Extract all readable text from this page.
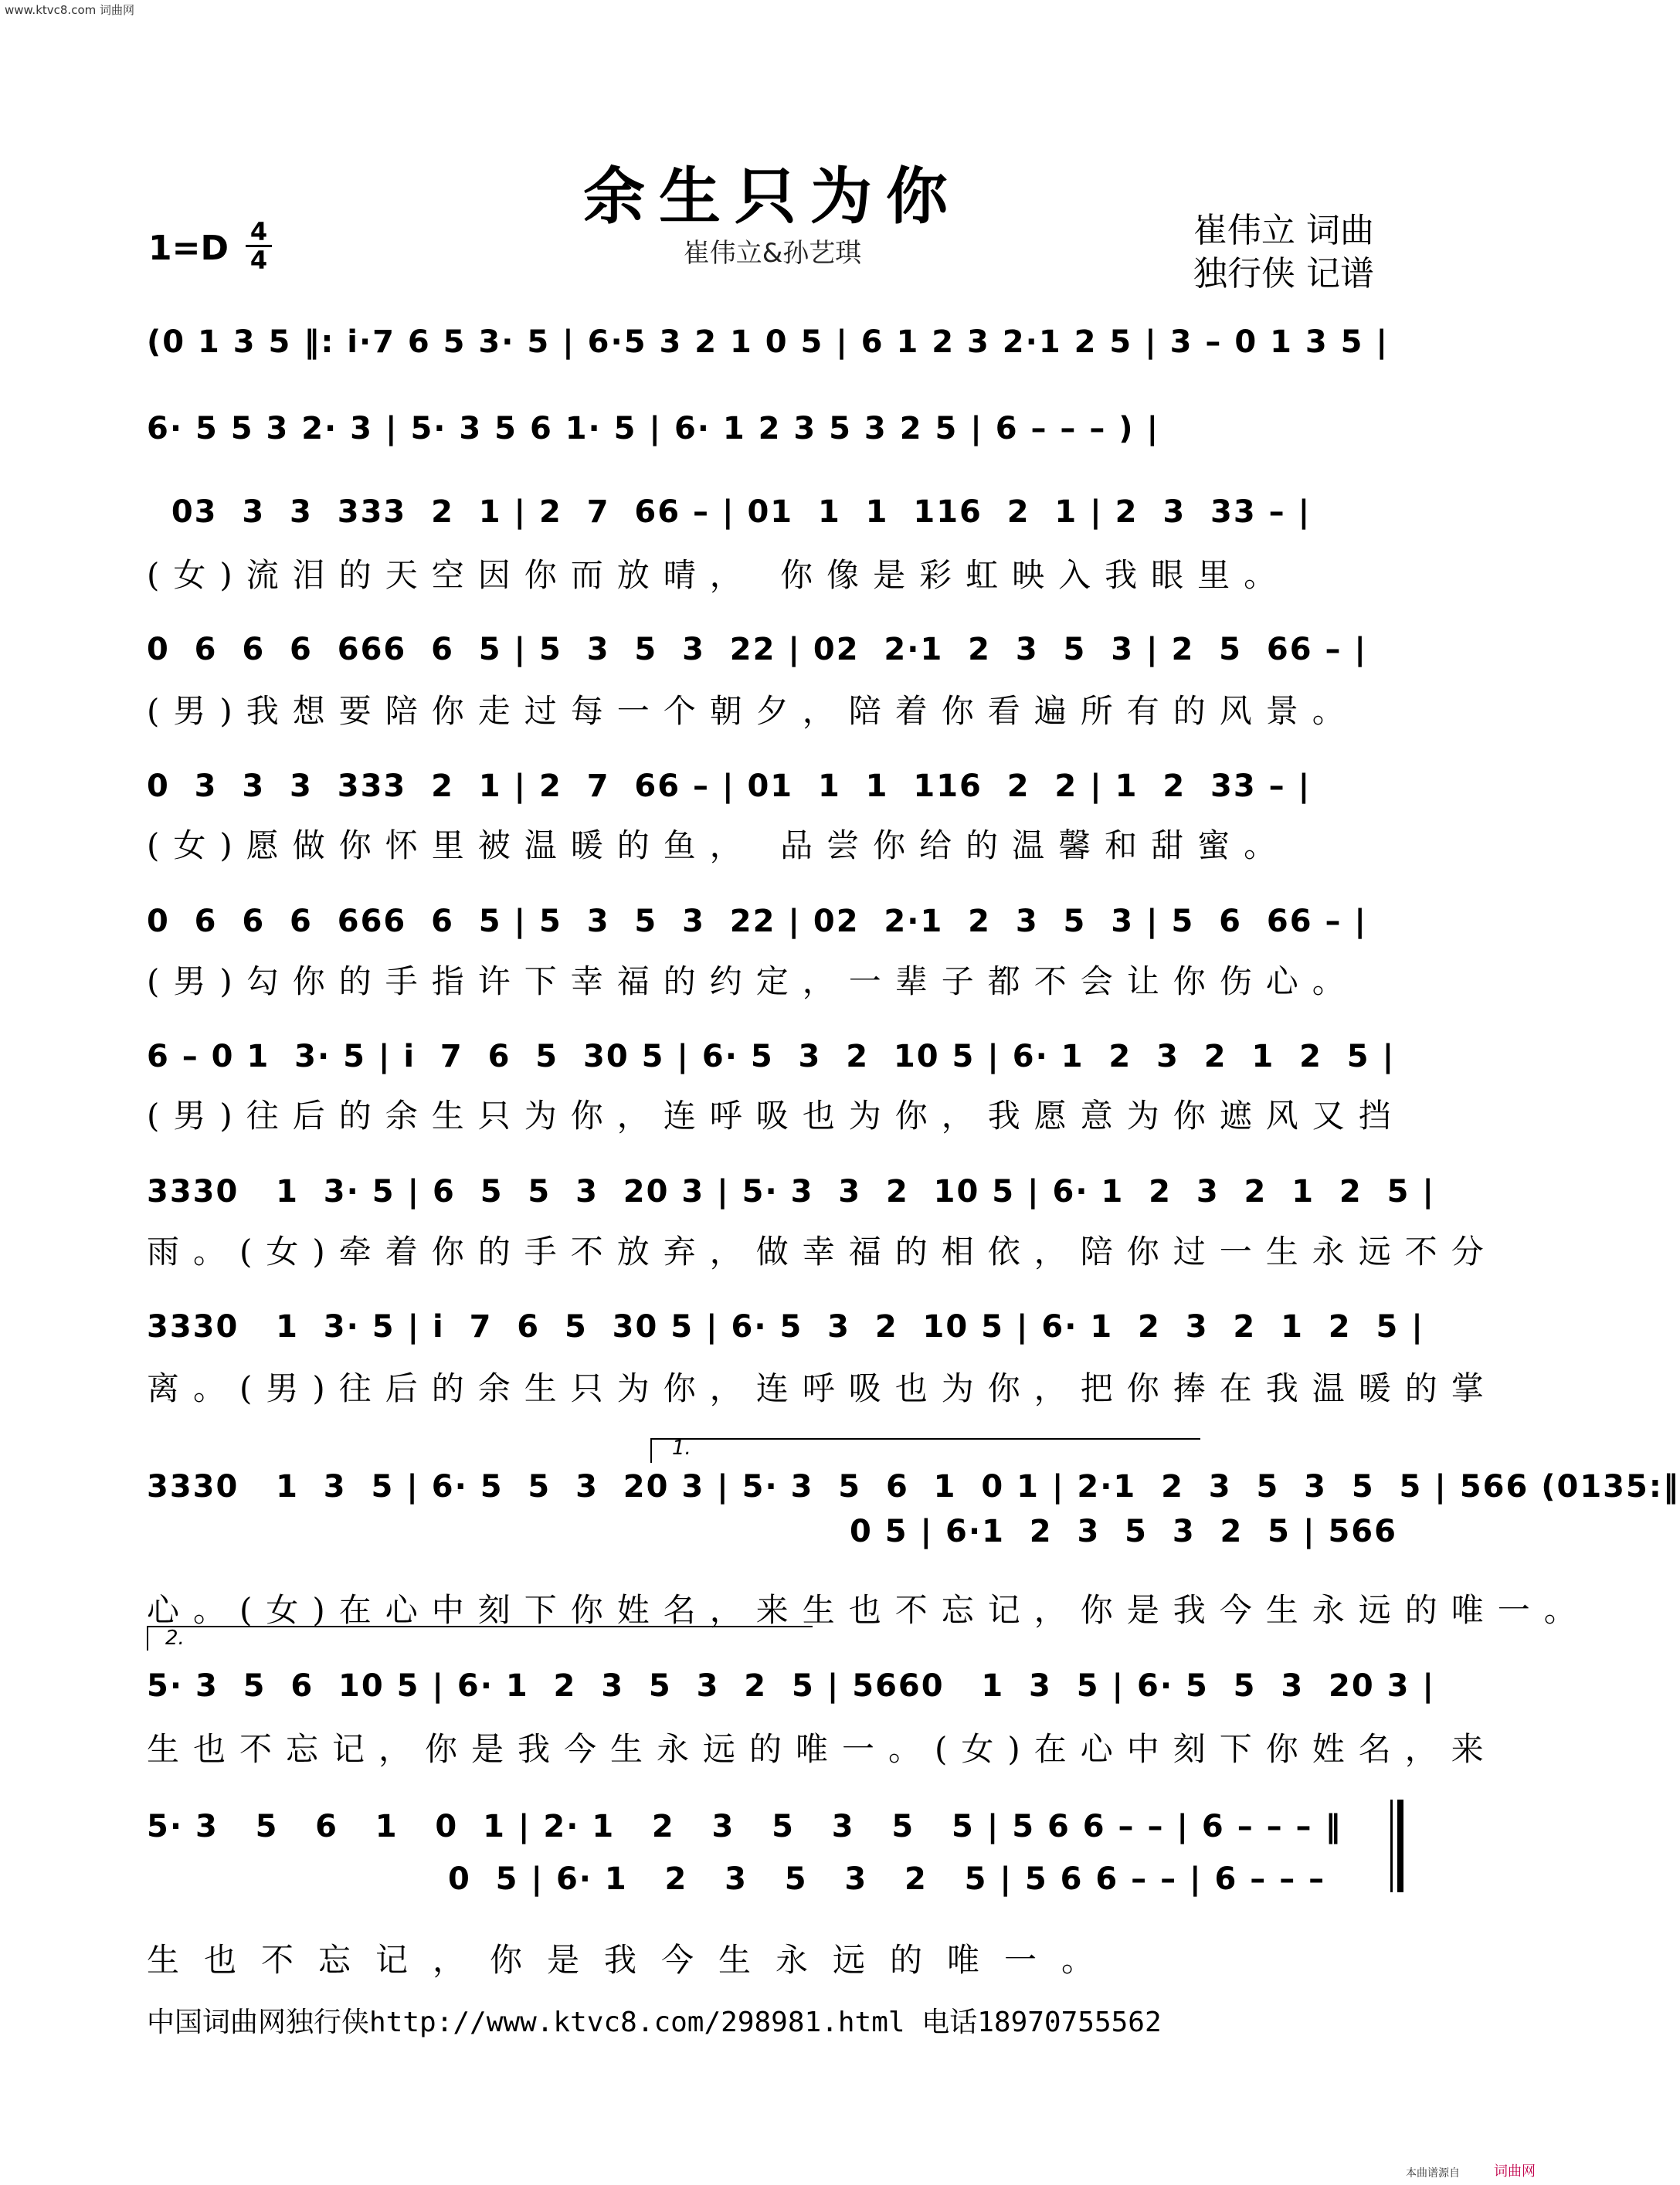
www.ktvc8.com 词曲网
余生只为你
崔伟立&孙艺琪
1=D 4
4
崔伟立 词曲
独行侠 记谱
(0 1 3 5 ‖: i·7 6 5 3· 5 | 6·5 3 2 1 0 5 | 6 1 2 3 2·1 2 5 | 3 – 0 1 3 5 |
6· 5 5 3 2· 3 | 5· 3 5 6 1· 5 | 6· 1 2 3 5 3 2 5 | 6 – – – ) |
03  3  3  333  2  1 | 2  7  66 – | 01  1  1  116  2  1 | 2  3  33 – |
(女)流泪的天空因你而放晴， 你像是彩虹映入我眼里。
0  6  6  6  666  6  5 | 5  3  5  3  22 | 02  2·1  2  3  5  3 | 2  5  66 – |
(男)我想要陪你走过每一个朝夕，陪着你看遍所有的风景。
0  3  3  3  333  2  1 | 2  7  66 – | 01  1  1  116  2  2 | 1  2  33 – |
(女)愿做你怀里被温暖的鱼， 品尝你给的温馨和甜蜜。
0  6  6  6  666  6  5 | 5  3  5  3  22 | 02  2·1  2  3  5  3 | 5  6  66 – |
(男)勾你的手指许下幸福的约定，一辈子都不会让你伤心。
6 – 0 1  3· 5 | i  7  6  5  30 5 | 6· 5  3  2  10 5 | 6· 1  2  3  2  1  2  5 |
(男)往后的余生只为你，连呼吸也为你，我愿意为你遮风又挡
3330   1  3· 5 | 6  5  5  3  20 3 | 5· 3  3  2  10 5 | 6· 1  2  3  2  1  2  5 |
雨。(女)牵着你的手不放弃，做幸福的相依，陪你过一生永远不分
3330   1  3· 5 | i  7  6  5  30 5 | 6· 5  3  2  10 5 | 6· 1  2  3  2  1  2  5 |
离。(男)往后的余生只为你，连呼吸也为你，把你捧在我温暖的掌
1.
3330   1  3  5 | 6· 5  5  3  20 3 | 5· 3  5  6  1  0 1 | 2·1  2  3  5  3  5  5 | 566 (0135:‖
0 5 | 6·1  2  3  5  3  2  5 | 566
心。(女)在心中刻下你姓名，来生也不忘记，你是我今生永远的唯一。
2.
5· 3  5  6  10 5 | 6· 1  2  3  5  3  2  5 | 5660   1  3  5 | 6· 5  5  3  20 3 |
生也不忘记，你是我今生永远的唯一。(女)在心中刻下你姓名，来
5· 3   5   6   1   0  1 | 2· 1   2   3   5   3   5   5 | 5 6 6 – – | 6 – – – ‖
0  5 | 6· 1   2   3   5   3   2   5 | 5 6 6 – – | 6 – – –
生也不忘记，你是我今生永远的唯一。
中国词曲网独行侠http://www.ktvc8.com/298981.html 电话18970755562
本曲谱源自 词曲网
